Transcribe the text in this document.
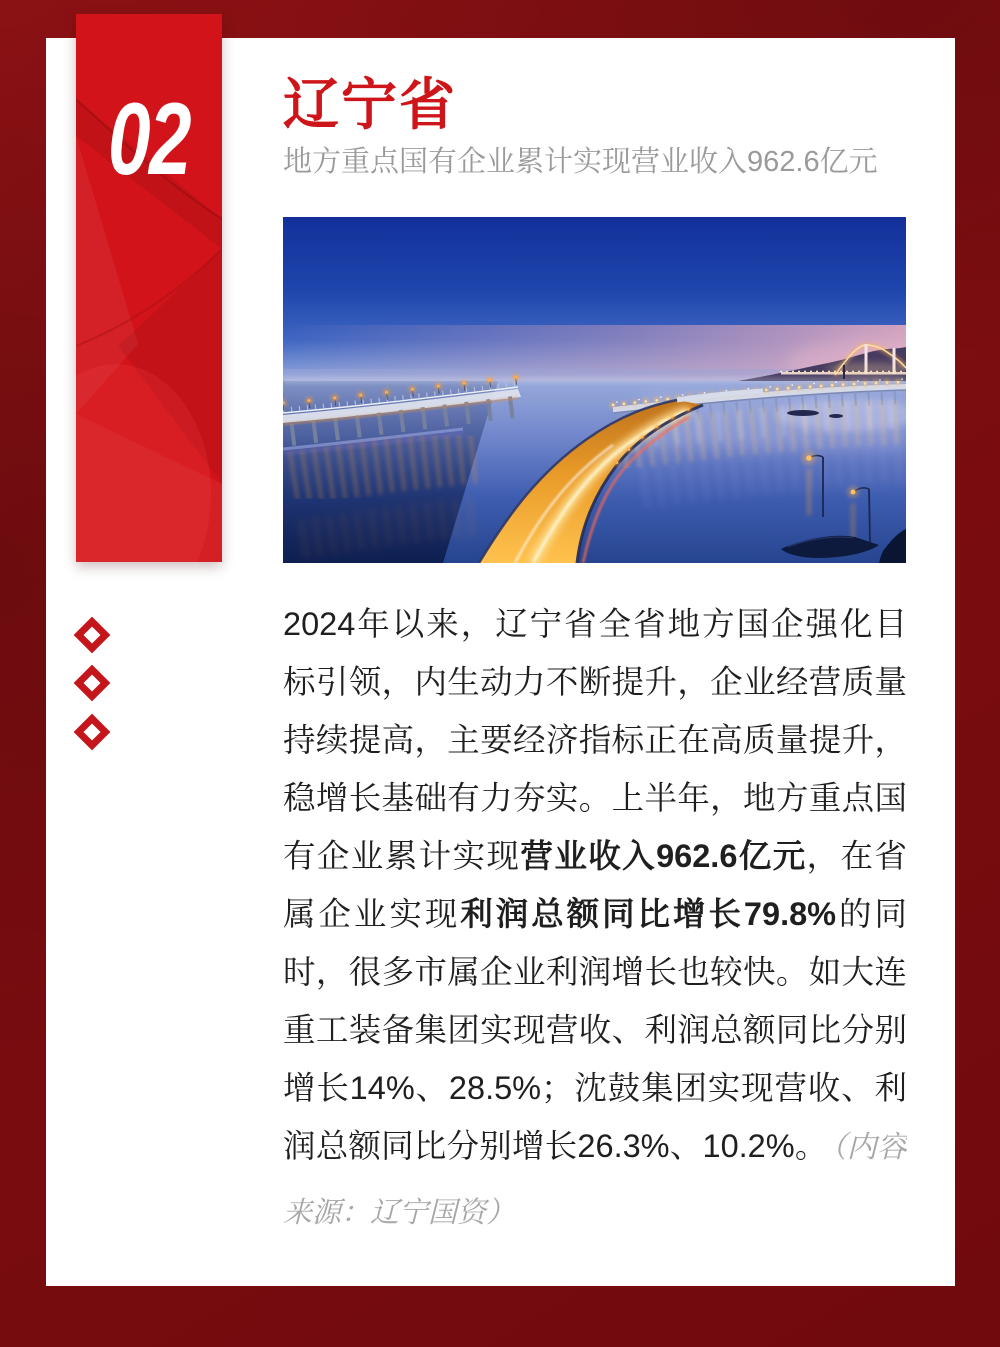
02 辽宁省

地方重点国有企业累计实现营业收入962.6亿元

2024年以来，辽宁省全省地方国企强化目
标引领，内生动力不断提升，企业经营质量
持续提高，主要经济指标正在高质量提升，
稳增长基础有力夯实。上半年，地方重点国
有企业累计实现营业收入962.6亿元，在省
属企业实现利润总额同比增长79.8%的同
时，很多市属企业利润增长也较快。如大连
重工装备集团实现营收、利润总额同比分别
增长14%、28.5%；沈鼓集团实现营收、利
润总额同比分别增长26.3%、10.2%。 （内容
来源：辽宁国资）
